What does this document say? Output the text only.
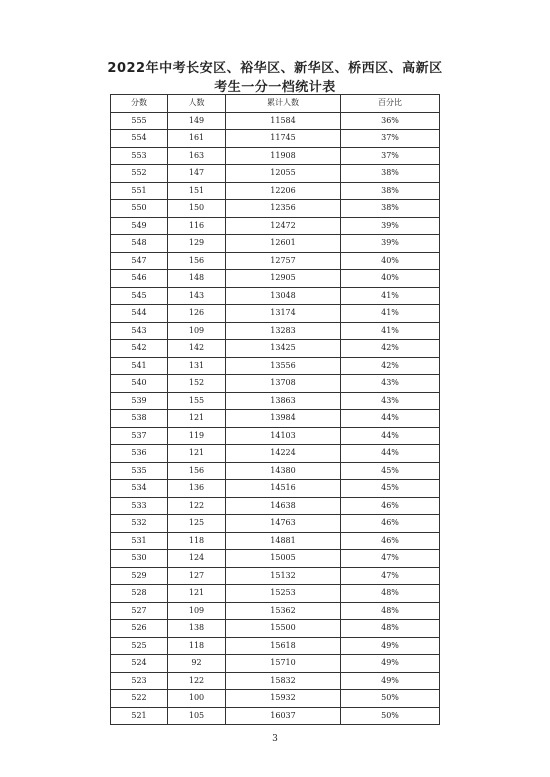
2022年中考长安区、裕华区、新华区、桥西区、高新区
考生一分一档统计表
分数	人数	累计人数	百分比
555	149	11584	36%
554	161	11745	37%
553	163	11908	37%
552	147	12055	38%
551	151	12206	38%
550	150	12356	38%
549	116	12472	39%
548	129	12601	39%
547	156	12757	40%
546	148	12905	40%
545	143	13048	41%
544	126	13174	41%
543	109	13283	41%
542	142	13425	42%
541	131	13556	42%
540	152	13708	43%
539	155	13863	43%
538	121	13984	44%
537	119	14103	44%
536	121	14224	44%
535	156	14380	45%
534	136	14516	45%
533	122	14638	46%
532	125	14763	46%
531	118	14881	46%
530	124	15005	47%
529	127	15132	47%
528	121	15253	48%
527	109	15362	48%
526	138	15500	48%
525	118	15618	49%
524	92	15710	49%
523	122	15832	49%
522	100	15932	50%
521	105	16037	50%
3
